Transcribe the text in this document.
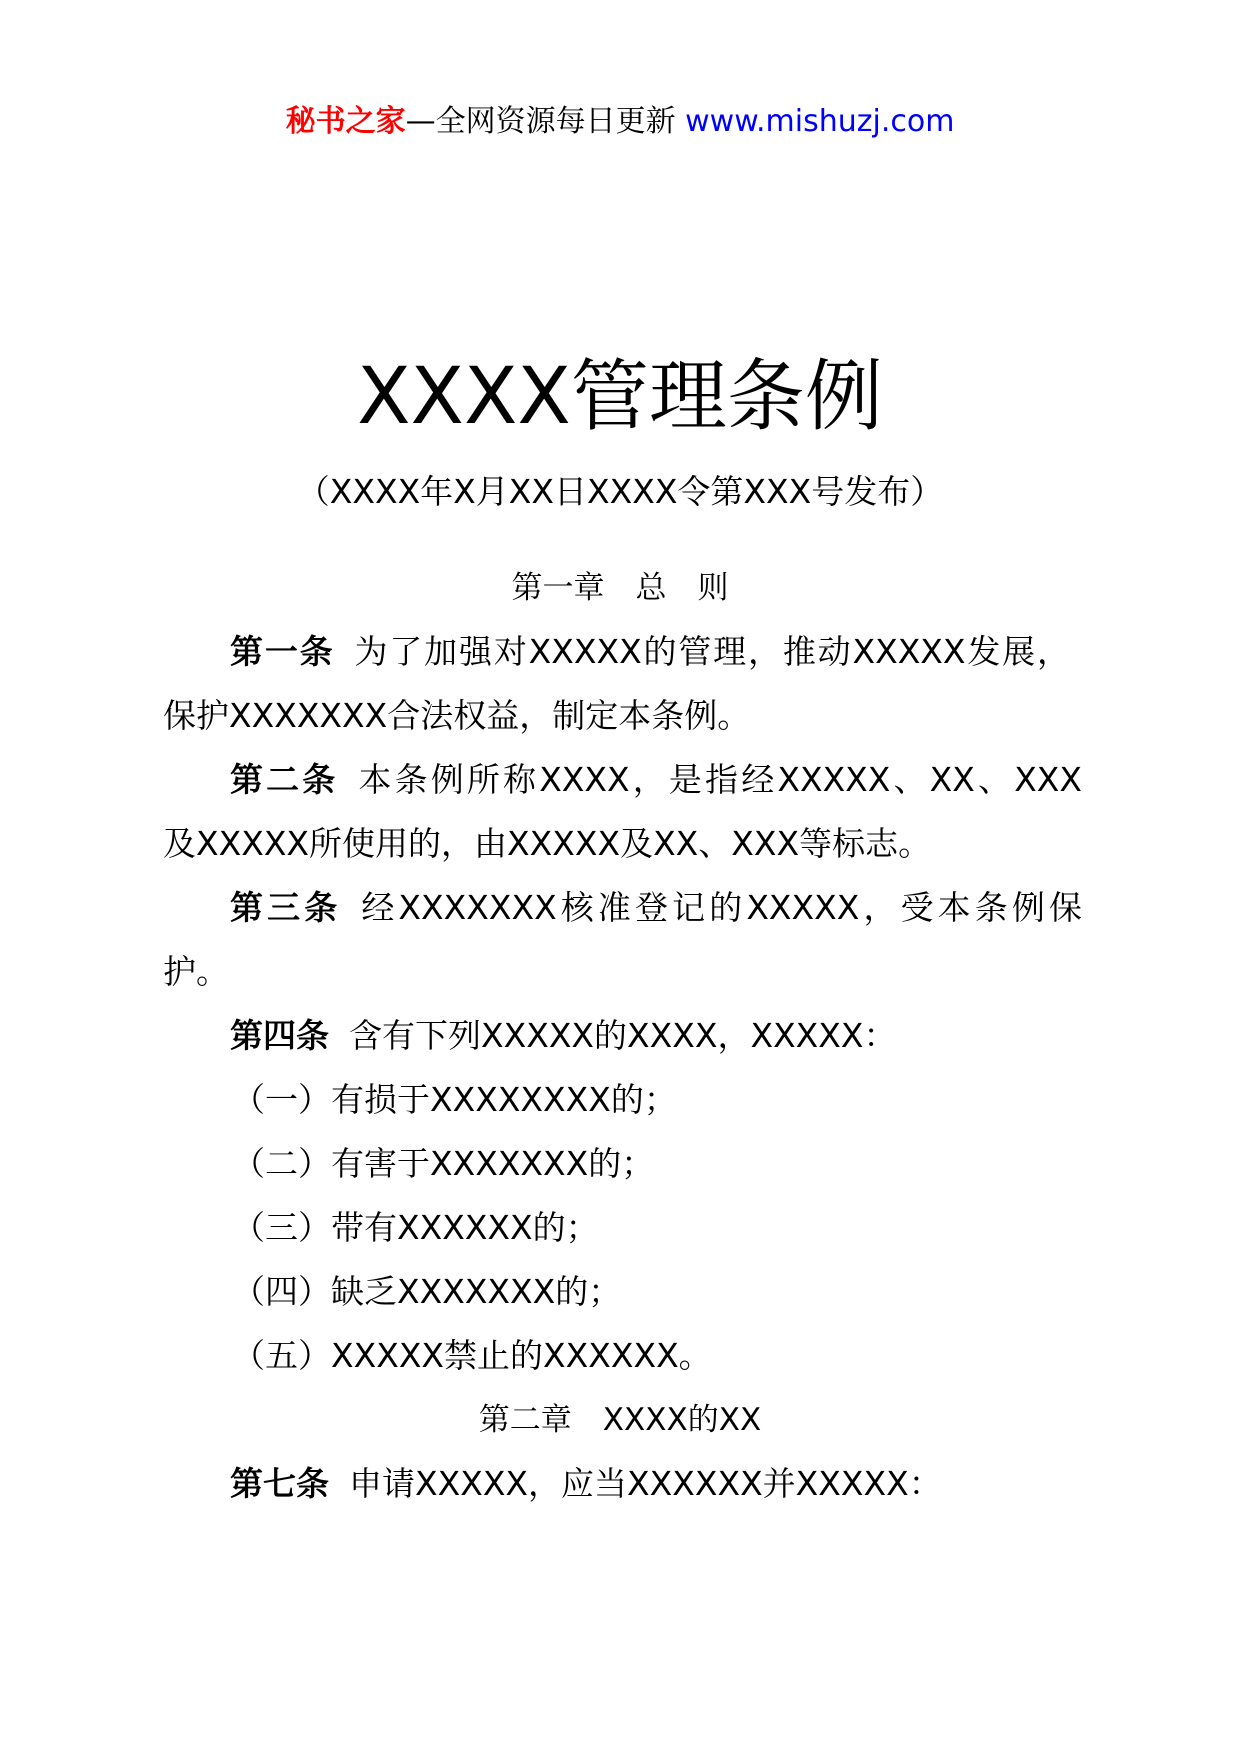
秘书之家—全网资源每日更新 www.mishuzj.com
XXXX管理条例
（XXXX年X月XX日XXXX令第XXX号发布）
第一章　总　则
第一条 为了加强对XXXXX的管理，推动XXXXX发展，
保护XXXXXXX合法权益，制定本条例。
第二条 本条例所称XXXX，是指经XXXXX、XX、XXX
及XXXXX所使用的，由XXXXX及XX、XXX等标志。
第三条 经XXXXXXX核准登记的XXXXX，受本条例保
护。
第四条 含有下列XXXXX的XXXX，XXXXX：
（一）有损于XXXXXXXX的；
（二）有害于XXXXXXX的；
（三）带有XXXXXX的；
（四）缺乏XXXXXXX的；
（五）XXXXX禁止的XXXXXX。
第二章　XXXX的XX
第七条 申请XXXXX，应当XXXXXX并XXXXX：
